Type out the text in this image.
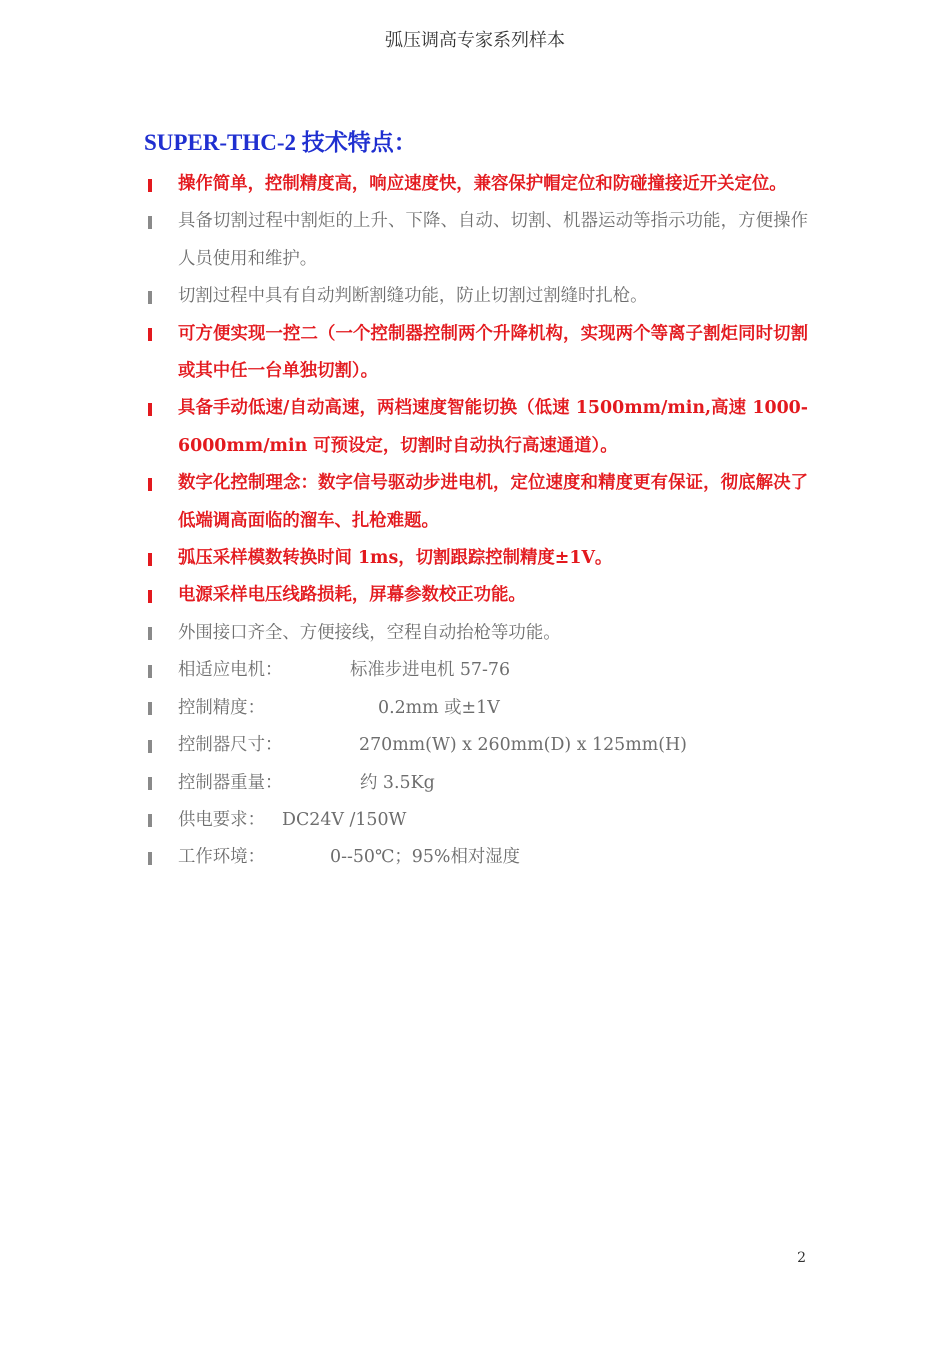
弧压调高专家系列样本
SUPER-THC-2 技术特点：
操作简单，控制精度高，响应速度快，兼容保护帽定位和防碰撞接近开关定位。
具备切割过程中割炬的上升、下降、自动、切割、机器运动等指示功能，方便操作人员使用和维护。
切割过程中具有自动判断割缝功能，防止切割过割缝时扎枪。
可方便实现一控二（一个控制器控制两个升降机构，实现两个等离子割炬同时切割或其中任一台单独切割）。
具备手动低速/自动高速，两档速度智能切换（低速 1500mm/min,高速 1000-6000mm/min 可预设定，切割时自动执行高速通道）。
数字化控制理念：数字信号驱动步进电机，定位速度和精度更有保证，彻底解决了低端调高面临的溜车、扎枪难题。
弧压采样模数转换时间 1ms，切割跟踪控制精度±1V。
电源采样电压线路损耗，屏幕参数校正功能。
外围接口齐全、方便接线，空程自动抬枪等功能。
相适应电机：	标准步进电机 57-76
控制精度：	0.2mm 或±1V
控制器尺寸：	270mm(W) x 260mm(D) x 125mm(H)
控制器重量：	约 3.5Kg
供电要求： DC24V /150W
工作环境：	0--50℃；95%相对湿度
2
